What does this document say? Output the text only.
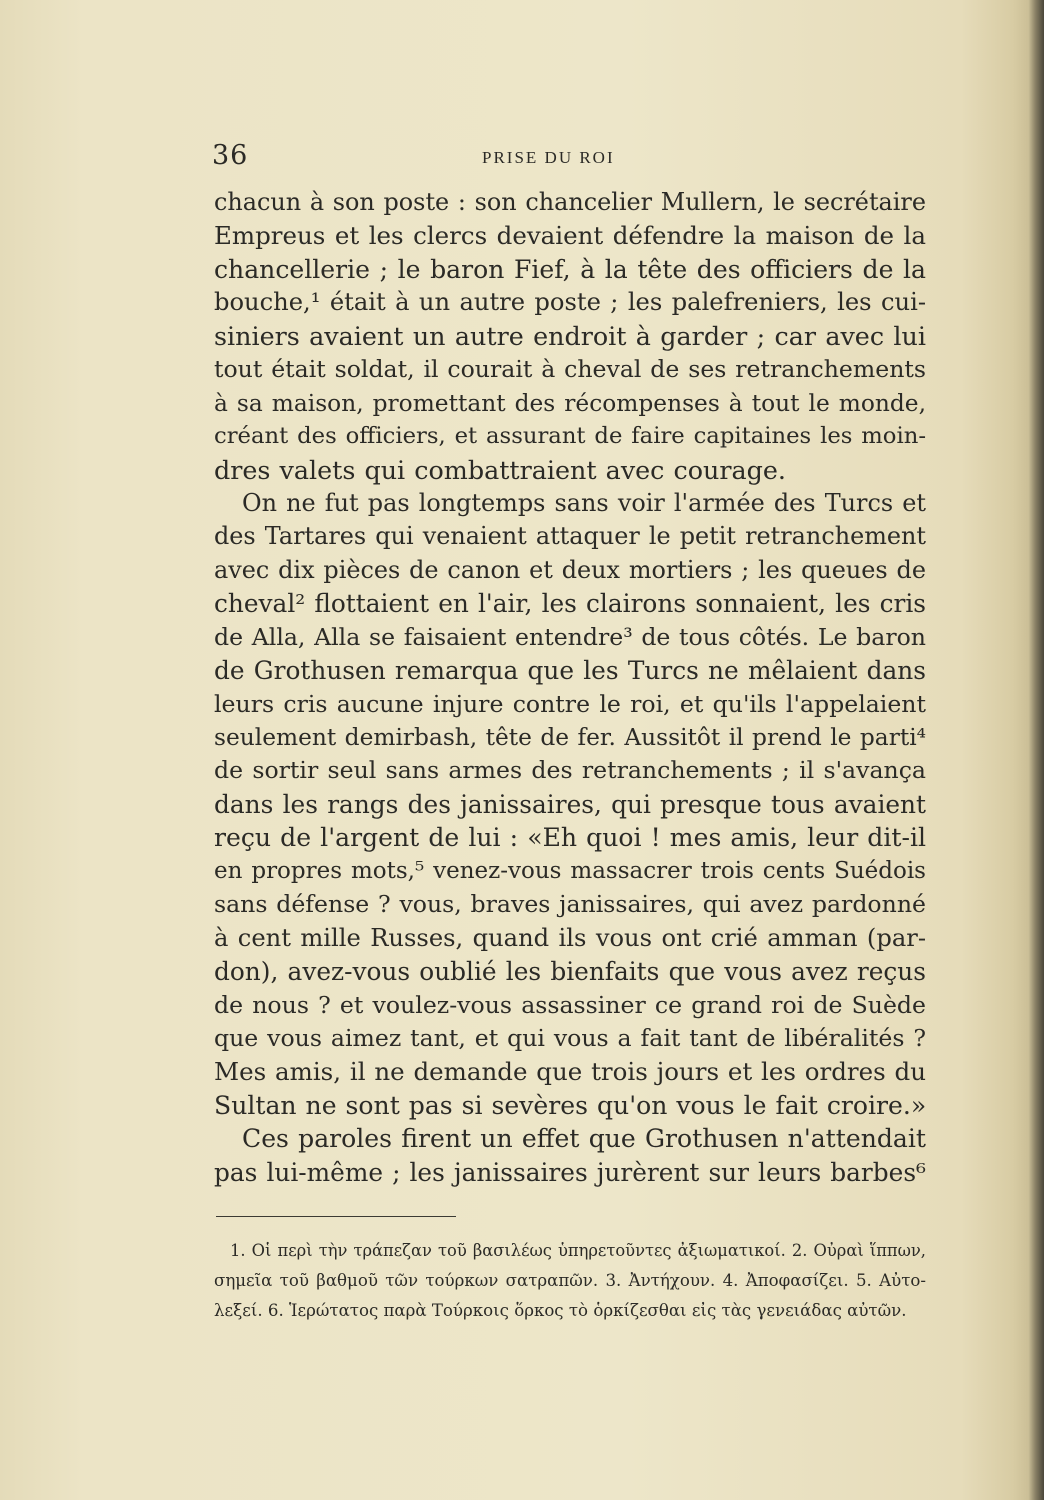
36	PRISE DU ROI
chacun à son poste : son chancelier Mullern, le secrétaire
Empreus et les clercs devaient défendre la maison de la
chancellerie ; le baron Fief, à la tête des officiers de la
bouche,¹ était à un autre poste ; les palefreniers, les cui-
siniers avaient un autre endroit à garder ; car avec lui
tout était soldat, il courait à cheval de ses retranchements
à sa maison, promettant des récompenses à tout le monde,
créant des officiers, et assurant de faire capitaines les moin-
dres valets qui combattraient avec courage.
On ne fut pas longtemps sans voir l'armée des Turcs et
des Tartares qui venaient attaquer le petit retranchement
avec dix pièces de canon et deux mortiers ; les queues de
cheval² flottaient en l'air, les clairons sonnaient, les cris
de Alla, Alla se faisaient entendre³ de tous côtés. Le baron
de Grothusen remarqua que les Turcs ne mêlaient dans
leurs cris aucune injure contre le roi, et qu'ils l'appelaient
seulement demirbash, tête de fer. Aussitôt il prend le parti⁴
de sortir seul sans armes des retranchements ; il s'avança
dans les rangs des janissaires, qui presque tous avaient
reçu de l'argent de lui : «Eh quoi ! mes amis, leur dit-il
en propres mots,⁵ venez-vous massacrer trois cents Suédois
sans défense ? vous, braves janissaires, qui avez pardonné
à cent mille Russes, quand ils vous ont crié amman (par-
don), avez-vous oublié les bienfaits que vous avez reçus
de nous ? et voulez-vous assassiner ce grand roi de Suède
que vous aimez tant, et qui vous a fait tant de libéralités ?
Mes amis, il ne demande que trois jours et les ordres du
Sultan ne sont pas si sevères qu'on vous le fait croire.»
Ces paroles firent un effet que Grothusen n'attendait
pas lui-même ; les janissaires jurèrent sur leurs barbes⁶
1. Οἱ περὶ τὴν τράπεζαν τοῦ βασιλέως ὑπηρετοῦντες ἀξιωματικοί. 2. Οὐραὶ ἵππων,
σημεῖα τοῦ βαθμοῦ τῶν τούρκων σατραπῶν. 3. Ἀντήχουν. 4. Ἀποφασίζει. 5. Αὐτο-
λεξεί. 6. Ἱερώτατος παρὰ Τούρκοις ὅρκος τὸ ὁρκίζεσθαι εἰς τὰς γενειάδας αὐτῶν.
